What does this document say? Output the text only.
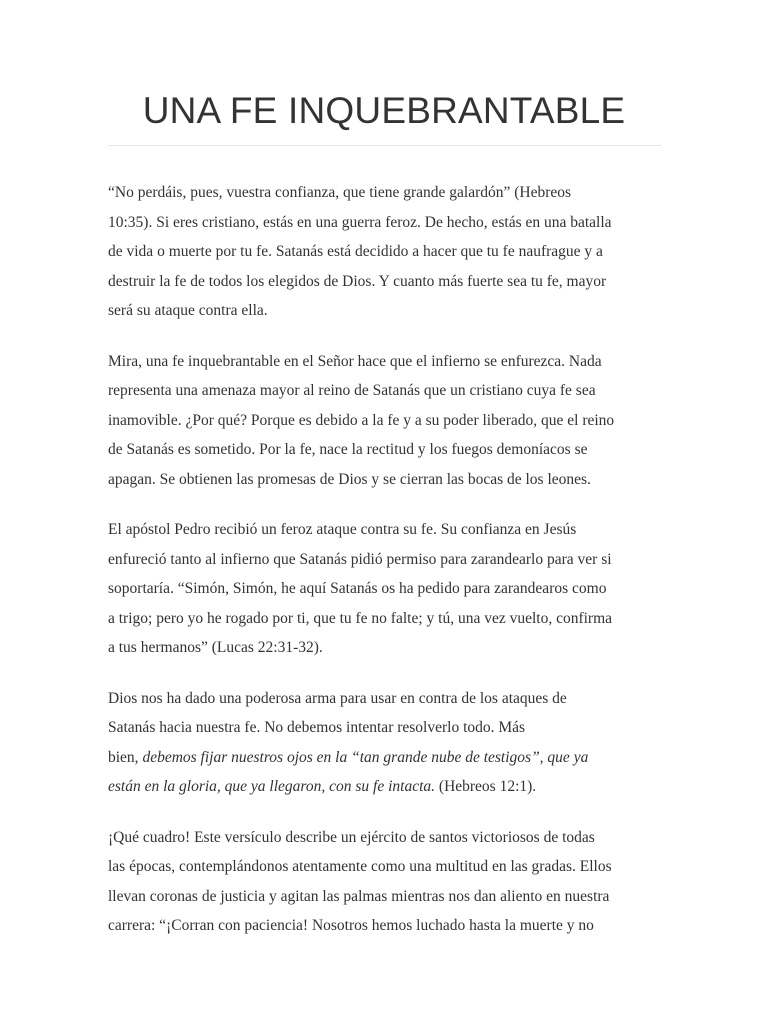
UNA FE INQUEBRANTABLE

“No perdáis, pues, vuestra confianza, que tiene grande galardón” (Hebreos
10:35). Si eres cristiano, estás en una guerra feroz. De hecho, estás en una batalla
de vida o muerte por tu fe. Satanás está decidido a hacer que tu fe naufrague y a
destruir la fe de todos los elegidos de Dios. Y cuanto más fuerte sea tu fe, mayor
será su ataque contra ella.

Mira, una fe inquebrantable en el Señor hace que el infierno se enfurezca. Nada
representa una amenaza mayor al reino de Satanás que un cristiano cuya fe sea
inamovible. ¿Por qué? Porque es debido a la fe y a su poder liberado, que el reino
de Satanás es sometido. Por la fe, nace la rectitud y los fuegos demoníacos se
apagan. Se obtienen las promesas de Dios y se cierran las bocas de los leones.

El apóstol Pedro recibió un feroz ataque contra su fe. Su confianza en Jesús
enfureció tanto al infierno que Satanás pidió permiso para zarandearlo para ver si
soportaría. “Simón, Simón, he aquí Satanás os ha pedido para zarandearos como
a trigo; pero yo he rogado por ti, que tu fe no falte; y tú, una vez vuelto, confirma
a tus hermanos” (Lucas 22:31-32).

Dios nos ha dado una poderosa arma para usar en contra de los ataques de
Satanás hacia nuestra fe. No debemos intentar resolverlo todo. Más
bien, debemos fijar nuestros ojos en la “tan grande nube de testigos”, que ya
están en la gloria, que ya llegaron, con su fe intacta. (Hebreos 12:1).

¡Qué cuadro! Este versículo describe un ejército de santos victoriosos de todas
las épocas, contemplándonos atentamente como una multitud en las gradas. Ellos
llevan coronas de justicia y agitan las palmas mientras nos dan aliento en nuestra
carrera: “¡Corran con paciencia! Nosotros hemos luchado hasta la muerte y no
